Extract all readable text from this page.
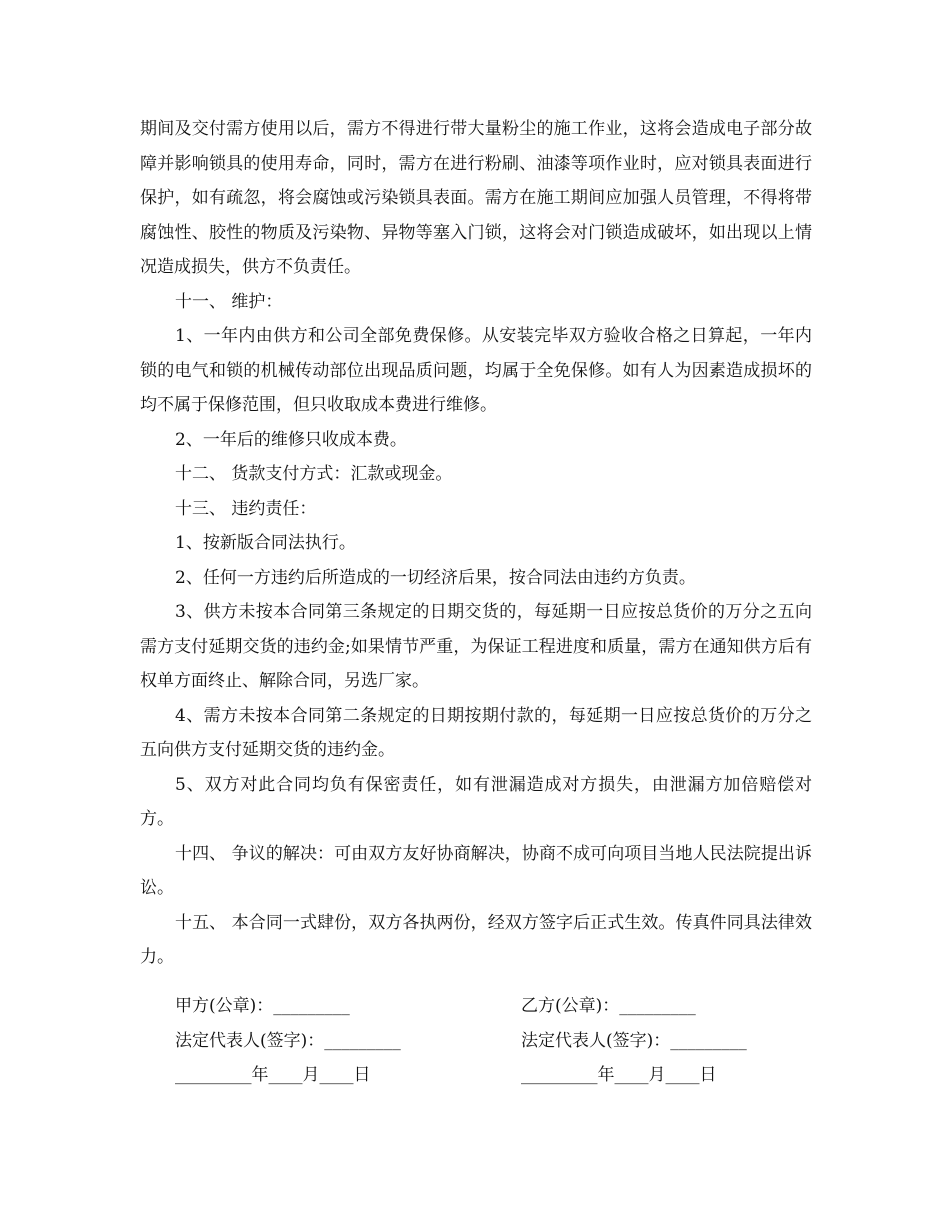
期间及交付需方使用以后，需方不得进行带大量粉尘的施工作业，这将会造成电子部分故障并影响锁具的使用寿命，同时，需方在进行粉刷、油漆等项作业时，应对锁具表面进行保护，如有疏忽，将会腐蚀或污染锁具表面。需方在施工期间应加强人员管理，不得将带腐蚀性、胶性的物质及污染物、异物等塞入门锁，这将会对门锁造成破坏，如出现以上情况造成损失，供方不负责任。

十一、 维护：

1、一年内由供方和公司全部免费保修。从安装完毕双方验收合格之日算起，一年内锁的电气和锁的机械传动部位出现品质问题，均属于全免保修。如有人为因素造成损坏的均不属于保修范围，但只收取成本费进行维修。

2、一年后的维修只收成本费。

十二、 货款支付方式：汇款或现金。

十三、 违约责任：

1、按新版合同法执行。

2、任何一方违约后所造成的一切经济后果，按合同法由违约方负责。

3、供方未按本合同第三条规定的日期交货的，每延期一日应按总货价的万分之五向需方支付延期交货的违约金;如果情节严重，为保证工程进度和质量，需方在通知供方后有权单方面终止、解除合同，另选厂家。

4、需方未按本合同第二条规定的日期按期付款的，每延期一日应按总货价的万分之五向供方支付延期交货的违约金。

5、双方对此合同均负有保密责任，如有泄漏造成对方损失，由泄漏方加倍赔偿对方。

十四、 争议的解决：可由双方友好协商解决，协商不成可向项目当地人民法院提出诉讼。

十五、 本合同一式肆份，双方各执两份，经双方签字后正式生效。传真件同具法律效力。

甲方(公章)：_________	乙方(公章)：_________
法定代表人(签字)：_________	法定代表人(签字)：_________
_________年____月____日	_________年____月____日
